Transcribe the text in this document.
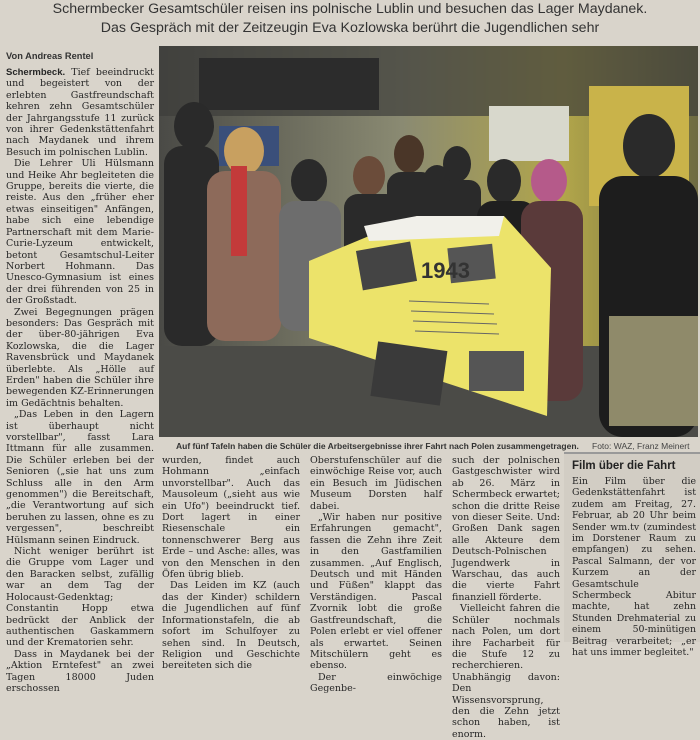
Schermbecker Gesamtschüler reisen ins polnische Lublin und besuchen das Lager Maydanek.
Das Gespräch mit der Zeitzeugin Eva Kozlowska berührt die Jugendlichen sehr
Von Andreas Rentel

Schermbeck. Tief beeindruckt und begeistert von der erlebten Gastfreundschaft kehren zehn Gesamtschüler der Jahrgangsstufe 11 zurück von ihrer Gedenkstättenfahrt nach Maydanek und ihrem Besuch im polnischen Lublin.

Die Lehrer Uli Hülsmann und Heike Ahr begleiteten die Gruppe, bereits die vierte, die reiste. Aus den „früher eher etwas einseitigen" Anfängen, habe sich eine lebendige Partnerschaft mit dem Marie-Curie-Lyzeum entwickelt, betont Gesamtschul-Leiter Norbert Hohmann. Das Unesco-Gymnasium ist eines der drei führenden von 25 in der Großstadt.

Zwei Begegnungen prägen besonders: Das Gespräch mit der über-80-jährigen Eva Kozlowska, die die Lager Ravensbrück und Maydanek überlebte. Als „Hölle auf Erden" haben die Schüler ihre bewegenden KZ-Erinnerungen im Gedächtnis behalten.

„Das Leben in den Lagern ist überhaupt nicht vorstellbar", fasst Lara Ittmann für alle zusammen. Die Schüler erleben bei der Senioren („sie hat uns zum Schluss alle in den Arm genommen") die Bereitschaft, „die Verantwortung auf sich beruhen zu lassen, ohne es zu vergessen", beschreibt Hülsmann seinen Eindruck.

Nicht weniger berührt ist die Gruppe vom Lager und den Baracken selbst, zufällig war an dem Tag der Holocaust-Gedenktag; Constantin Hopp etwa bedrückt der Anblick der authentischen Gaskammern und der Krematorien sehr.

Dass in Maydanek bei der „Aktion Erntefest" an zwei Tagen 18000 Juden erschossen

1943
Auf fünf Tafeln haben die Schüler die Arbeitsergebnisse ihrer Fahrt nach Polen zusammengetragen. Foto: WAZ, Franz Meinert

wurden, findet auch Hohmann „einfach unvorstellbar". Auch das Mausoleum („sieht aus wie ein Ufo") beeindruckt tief. Dort lagert in einer Riesenschale ein tonnenschwerer Berg aus Erde – und Asche: alles, was von den Menschen in den Öfen übrig blieb.

Das Leiden im KZ (auch das der Kinder) schildern die Jugendlichen auf fünf Informationstafeln, die ab sofort im Schulfoyer zu sehen sind. In Deutsch, Religion und Geschichte bereiteten sich die

Oberstufenschüler auf die einwöchige Reise vor, auch ein Besuch im Jüdischen Museum Dorsten half dabei.

„Wir haben nur positive Erfahrungen gemacht", fassen die Zehn ihre Zeit in den Gastfamilien zusammen. „Auf Englisch, Deutsch und mit Händen und Füßen" klappt das Verständigen. Pascal Zvornik lobt die große Gastfreundschaft, die Polen erlebt er viel offener als erwartet. Seinen Mitschülern geht es ebenso.

Der einwöchige Gegenbe-

such der polnischen Gastgeschwister wird ab 26. März in Schermbeck erwartet; schon die dritte Reise von dieser Seite. Und: Großen Dank sagen alle Akteure dem Deutsch-Polnischen Jugendwerk in Warschau, das auch die vierte Fahrt finanziell förderte.

Vielleicht fahren die Schüler nochmals nach Polen, um dort ihre Facharbeit für die Stufe 12 zu recherchieren. Unabhängig davon: Den Wissensvorsprung, den die Zehn jetzt schon haben, ist enorm.

Film über die Fahrt
Ein Film über die Gedenkstättenfahrt ist zudem am Freitag, 27. Februar, ab 20 Uhr beim Sender wm.tv (zumindest im Dorstener Raum zu empfangen) zu sehen. Pascal Salmann, der vor Kurzem an der Gesamtschule Schermbeck Abitur machte, hat zehn Stunden Drehmaterial zu einem 50-minütigen Beitrag verarbeitet; „er hat uns immer begleitet."
